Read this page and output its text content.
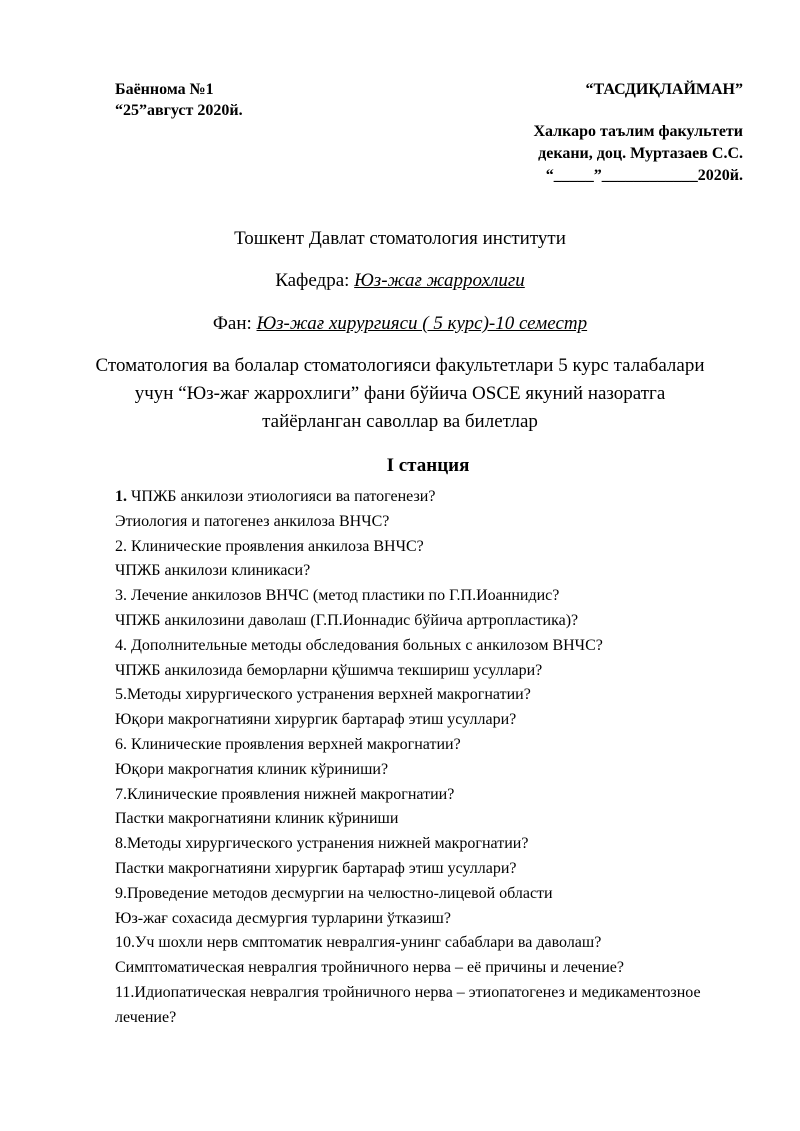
Баённома №1
“25”август 2020й.
“ТАСДИҚЛАЙМАН”
Халкаро таълим факультети
декани, доц. Муртазаев С.С.
“_____”____________2020й.
Тошкент Давлат стоматология институти
Кафедра: Юз-жағ жаррохлиги
Фан: Юз-жағ хирургияси ( 5 курс)-10 семестр
Стоматология ва болалар стоматологияси факультетлари 5 курс талабалари учун “Юз-жағ жаррохлиги” фани бўйича OSCE якуний назоратга тайёрланган саволлар ва билетлар
I станция
1. ЧПЖБ анкилози этиологияси ва патогенези?
Этиология и патогенез анкилоза ВНЧС?
2. Клинические проявления анкилоза ВНЧС?
ЧПЖБ анкилози клиникаси?
3. Лечение анкилозов ВНЧС (метод пластики по Г.П.Иоаннидис?
ЧПЖБ анкилозини даволаш (Г.П.Ионнадис бўйича артропластика)?
4. Дополнительные методы обследования больных с анкилозом ВНЧС?
ЧПЖБ анкилозида беморларни қўшимча текшириш усуллари?
5.Методы хирургического устранения верхней макрогнатии?
Юқори макрогнатияни хирургик бартараф этиш усуллари?
6. Клинические проявления верхней макрогнатии?
Юқори макрогнатия клиник кўриниши?
7.Клинические проявления нижней макрогнатии?
Пастки макрогнатияни клиник кўриниши
8.Методы хирургического устранения нижней макрогнатии?
Пастки макрогнатияни хирургик бартараф этиш усуллари?
9.Проведение методов десмургии на челюстно-лицевой области
Юз-жағ сохасида десмургия турларини ўтказиш?
10.Уч шохли нерв смптоматик невралгия-унинг сабаблари ва даволаш?
Симптоматическая невралгия тройничного нерва – её причины и лечение?
11.Идиопатическая невралгия тройничного нерва – этиопатогенез и медикаментозное лечение?
